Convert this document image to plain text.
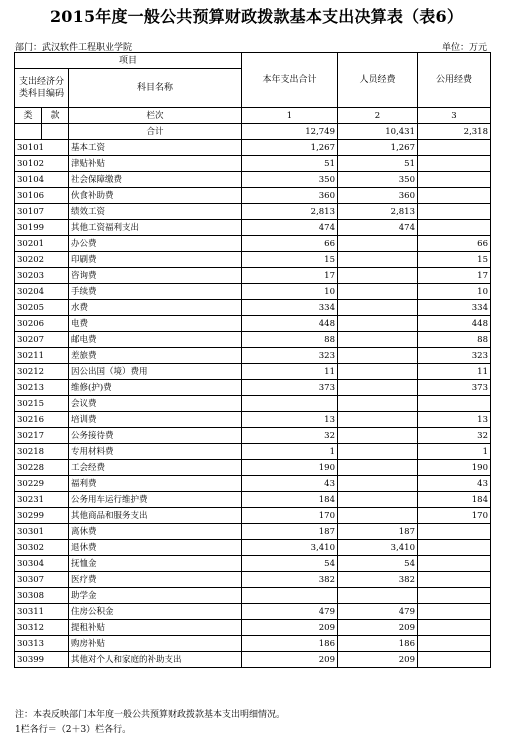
2015年度一般公共预算财政拨款基本支出决算表（表6）
部门：武汉软件工程职业学院	单位：万元
项目			本年支出合计	人员经费	公用经费
支出经济分类科目编码		科目名称			
类	款				
		栏次	1	2	3
		合计	12,749	10,431	2,318
30101		基本工资	1,267	1,267	
30102		津贴补贴	51	51	
30104		社会保障缴费	350	350	
30106		伙食补助费	360	360	
30107		绩效工资	2,813	2,813	
30199		其他工资福利支出	474	474	
30201		办公费	66		66
30202		印刷费	15		15
30203		咨询费	17		17
30204		手续费	10		10
30205		水费	334		334
30206		电费	448		448
30207		邮电费	88		88
30211		差旅费	323		323
30212		因公出国（境）费用	11		11
30213		维修(护)费	373		373
30215		会议费			
30216		培训费	13		13
30217		公务接待费	32		32
30218		专用材料费	1		1
30228		工会经费	190		190
30229		福利费	43		43
30231		公务用车运行维护费	184		184
30299		其他商品和服务支出	170		170
30301		离休费	187	187	
30302		退休费	3,410	3,410	
30304		抚恤金	54	54	
30307		医疗费	382	382	
30308		助学金			
30311		住房公积金	479	479	
30312		提租补贴	209	209	
30313		购房补贴	186	186	
30399		其他对个人和家庭的补助支出	209	209	
注：本表反映部门本年度一般公共预算财政拨款基本支出明细情况。
1栏各行＝（2＋3）栏各行。
